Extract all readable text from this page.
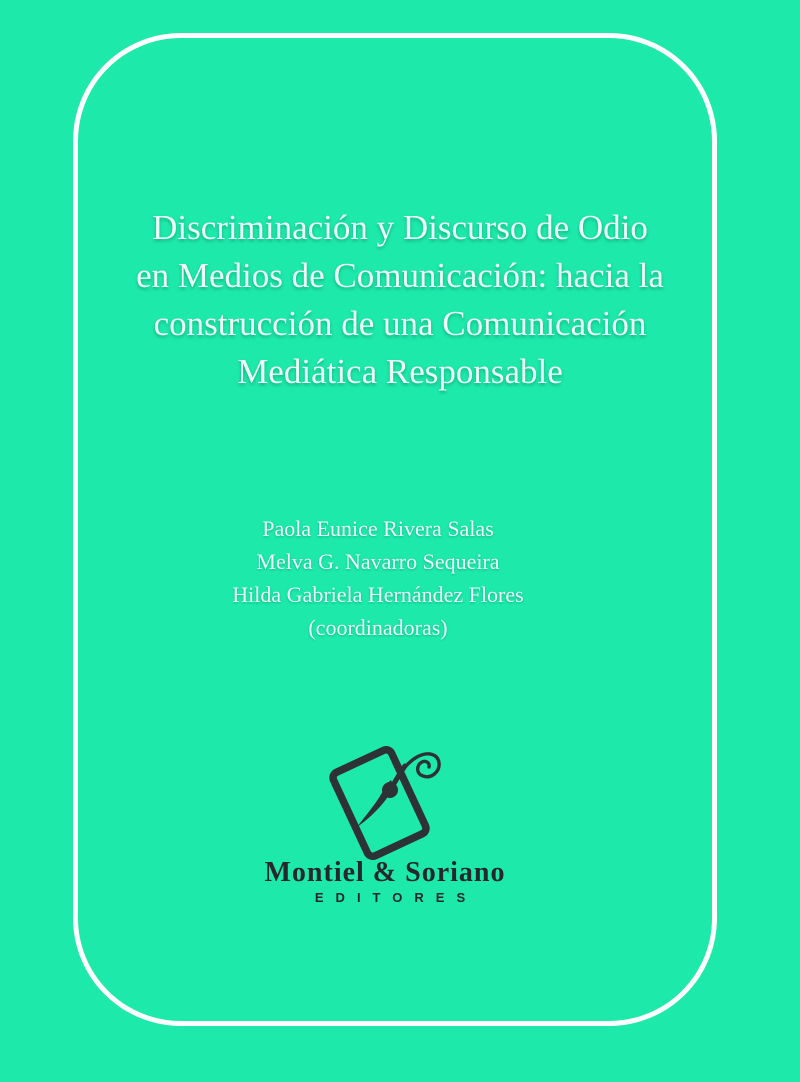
Discriminación y Discurso de Odio
en Medios de Comunicación: hacia la
construcción de una Comunicación
Mediática Responsable
Paola Eunice Rivera Salas
Melva G. Navarro Sequeira
Hilda Gabriela Hernández Flores
(coordinadoras)
Montiel & Soriano
EDITORES
